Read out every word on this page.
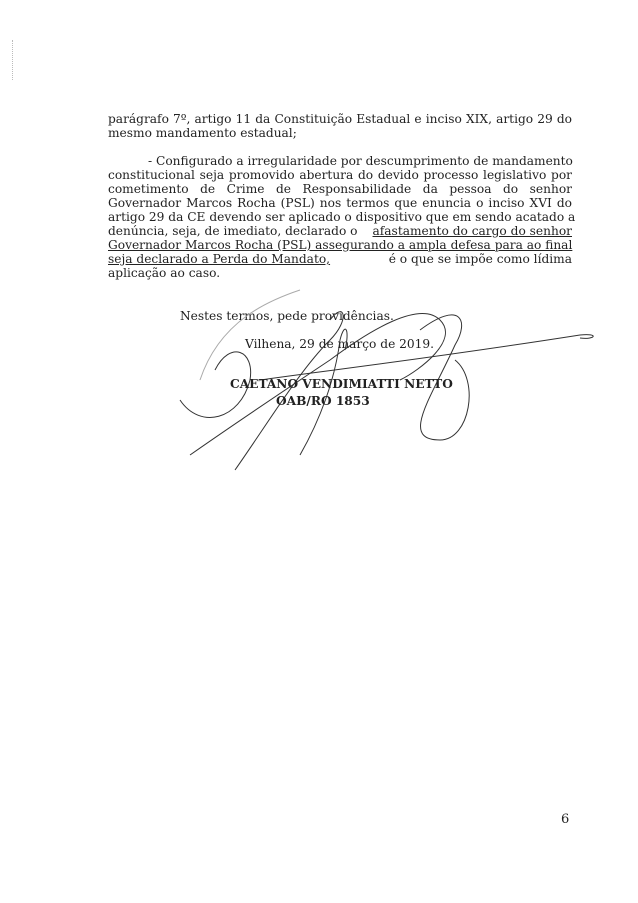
parágrafo 7º, artigo 11 da Constituição Estadual e inciso XIX, artigo 29 do
mesmo mandamento estadual;
- Configurado a irregularidade por descumprimento de mandamento
constitucional seja promovido abertura do devido processo legislativo por
cometimento de Crime de Responsabilidade da pessoa do senhor
Governador Marcos Rocha (PSL) nos termos que enuncia o inciso XVI do
artigo 29 da CE devendo ser aplicado o dispositivo que em sendo acatado a
denúncia, seja, de imediato, declarado o afastamento do cargo do senhor
Governador Marcos Rocha (PSL) assegurando a ampla defesa para ao final
seja declarado a Perda do Mandato,	é o que se impõe como lídima
aplicação ao caso.
Nestes termos, pede providências.
Vilhena, 29 de março de 2019.
CAETANO VENDIMIATTI NETTO
OAB/RO 1853
6
